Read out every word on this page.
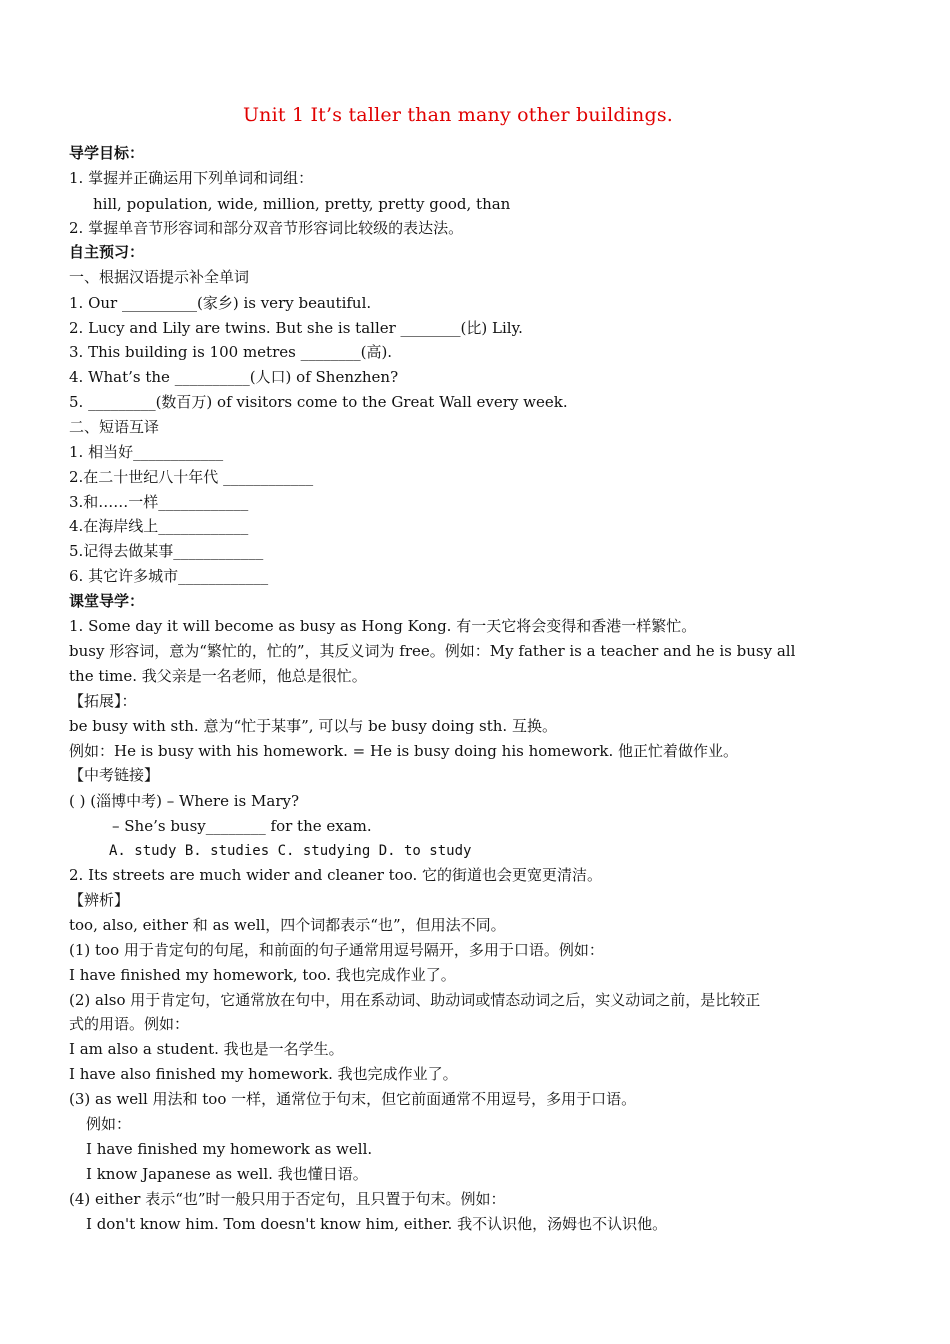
Unit 1 It’s taller than many other buildings.
导学目标：
1. 掌握并正确运用下列单词和词组：
hill, population, wide, million, pretty, pretty good, than
2. 掌握单音节形容词和部分双音节形容词比较级的表达法。
自主预习：
一、根据汉语提示补全单词
1. Our __________(家乡) is very beautiful.
2. Lucy and Lily are twins. But she is taller ________(比) Lily.
3. This building is 100 metres ________(高).
4. What’s the __________(人口) of Shenzhen?
5. _________(数百万) of visitors come to the Great Wall every week.
二、短语互译
1. 相当好____________
2.在二十世纪八十年代 ____________
3.和……一样____________
4.在海岸线上____________
5.记得去做某事____________
6. 其它许多城市____________
课堂导学：
1. Some day it will become as busy as Hong Kong. 有一天它将会变得和香港一样繁忙。
busy 形容词，意为“繁忙的，忙的”，其反义词为 free。例如：My father is a teacher and he is busy all
the time. 我父亲是一名老师，他总是很忙。
【拓展】：
be busy with sth. 意为“忙于某事”, 可以与 be busy doing sth. 互换。
例如：He is busy with his homework. = He is busy doing his homework. 他正忙着做作业。
【中考链接】
( ) (淄博中考) – Where is Mary?
– She’s busy________ for the exam.
A. study B. studies C. studying D. to study
2. Its streets are much wider and cleaner too. 它的街道也会更宽更清洁。
【辨析】
too, also, either 和 as well，四个词都表示“也”，但用法不同。
(1) too 用于肯定句的句尾，和前面的句子通常用逗号隔开，多用于口语。例如：
I have finished my homework, too. 我也完成作业了。
(2) also 用于肯定句，它通常放在句中，用在系动词、助动词或情态动词之后，实义动词之前，是比较正
式的用语。例如：
I am also a student. 我也是一名学生。
I have also finished my homework. 我也完成作业了。
(3) as well 用法和 too 一样，通常位于句末，但它前面通常不用逗号，多用于口语。
例如：
I have finished my homework as well.
I know Japanese as well. 我也懂日语。
(4) either 表示“也”时一般只用于否定句，且只置于句末。例如：
I don't know him. Tom doesn't know him, either. 我不认识他，汤姆也不认识他。
